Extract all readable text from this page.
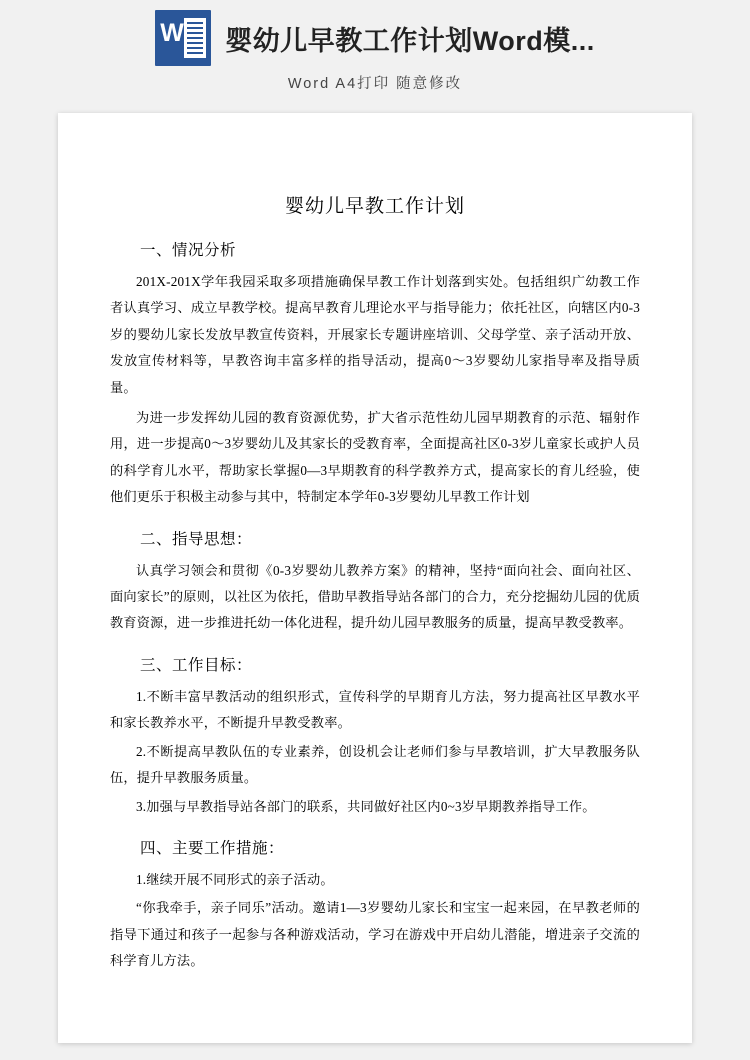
W 婴幼儿早教工作计划Word模...
Word A4打印 随意修改
婴幼儿早教工作计划
一、情况分析

201X-201X学年我园采取多项措施确保早教工作计划落到实处。包括组织广幼教工作者认真学习、成立早教学校。提高早教育儿理论水平与指导能力；依托社区，向辖区内0-3岁的婴幼儿家长发放早教宣传资料，开展家长专题讲座培训、父母学堂、亲子活动开放、发放宣传材料等，早教咨询丰富多样的指导活动，提高0～3岁婴幼儿家指导率及指导质量。

为进一步发挥幼儿园的教育资源优势，扩大省示范性幼儿园早期教育的示范、辐射作用，进一步提高0～3岁婴幼儿及其家长的受教育率，全面提高社区0-3岁儿童家长或护人员的科学育儿水平，帮助家长掌握0—3早期教育的科学教养方式，提高家长的育儿经验，使他们更乐于积极主动参与其中，特制定本学年0-3岁婴幼儿早教工作计划

二、指导思想：

认真学习领会和贯彻《0-3岁婴幼儿教养方案》的精神，坚持“面向社会、面向社区、面向家长”的原则，以社区为依托，借助早教指导站各部门的合力，充分挖掘幼儿园的优质教育资源，进一步推进托幼一体化进程，提升幼儿园早教服务的质量，提高早教受教率。

三、工作目标：

1.不断丰富早教活动的组织形式，宣传科学的早期育儿方法，努力提高社区早教水平和家长教养水平，不断提升早教受教率。

2.不断提高早教队伍的专业素养，创设机会让老师们参与早教培训，扩大早教服务队伍，提升早教服务质量。

3.加强与早教指导站各部门的联系，共同做好社区内0~3岁早期教养指导工作。

四、主要工作措施：

1.继续开展不同形式的亲子活动。

“你我牵手，亲子同乐”活动。邀请1—3岁婴幼儿家长和宝宝一起来园，在早教老师的指导下通过和孩子一起参与各种游戏活动，学习在游戏中开启幼儿潜能，增进亲子交流的科学育儿方法。
